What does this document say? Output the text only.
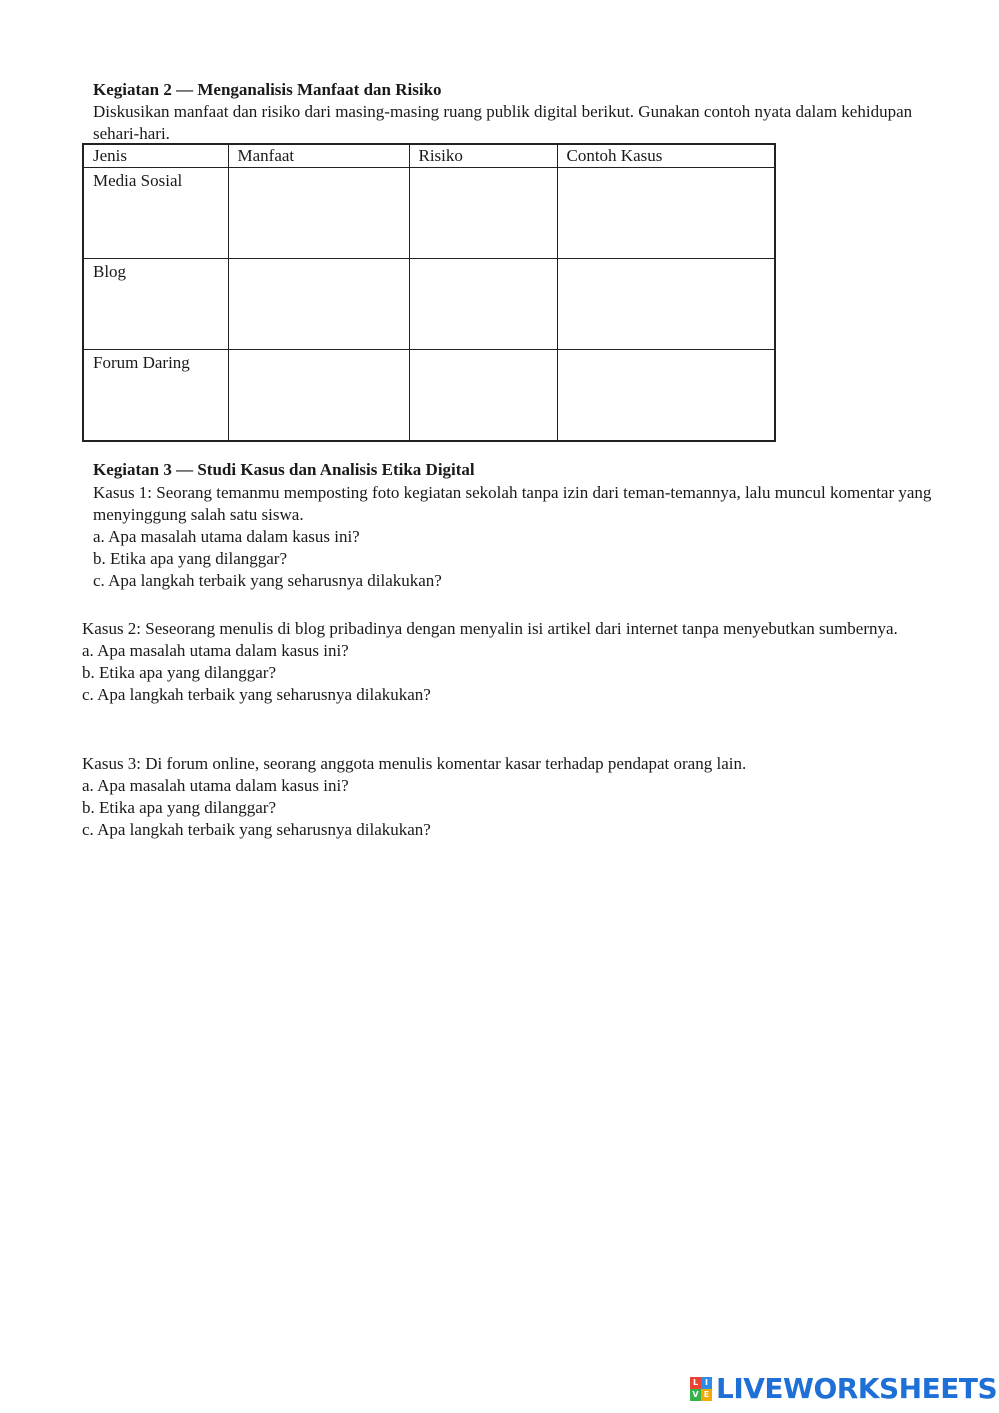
Kegiatan 2 — Menganalisis Manfaat dan Risiko

Diskusikan manfaat dan risiko dari masing-masing ruang publik digital berikut. Gunakan contoh nyata dalam kehidupan sehari-hari.

Jenis	Manfaat	Risiko	Contoh Kasus
Media Sosial			
Blog			
Forum Daring			

Kegiatan 3 — Studi Kasus dan Analisis Etika Digital

Kasus 1: Seorang temanmu memposting foto kegiatan sekolah tanpa izin dari teman-temannya, lalu muncul komentar yang menyinggung salah satu siswa.

a. Apa masalah utama dalam kasus ini?

b. Etika apa yang dilanggar?

c. Apa langkah terbaik yang seharusnya dilakukan?

Kasus 2: Seseorang menulis di blog pribadinya dengan menyalin isi artikel dari internet tanpa menyebutkan sumbernya.

a. Apa masalah utama dalam kasus ini?

b. Etika apa yang dilanggar?

c. Apa langkah terbaik yang seharusnya dilakukan?

Kasus 3: Di forum online, seorang anggota menulis komentar kasar terhadap pendapat orang lain.

a. Apa masalah utama dalam kasus ini?

b. Etika apa yang dilanggar?

c. Apa langkah terbaik yang seharusnya dilakukan?

L I
V E LIVEWORKSHEETS
